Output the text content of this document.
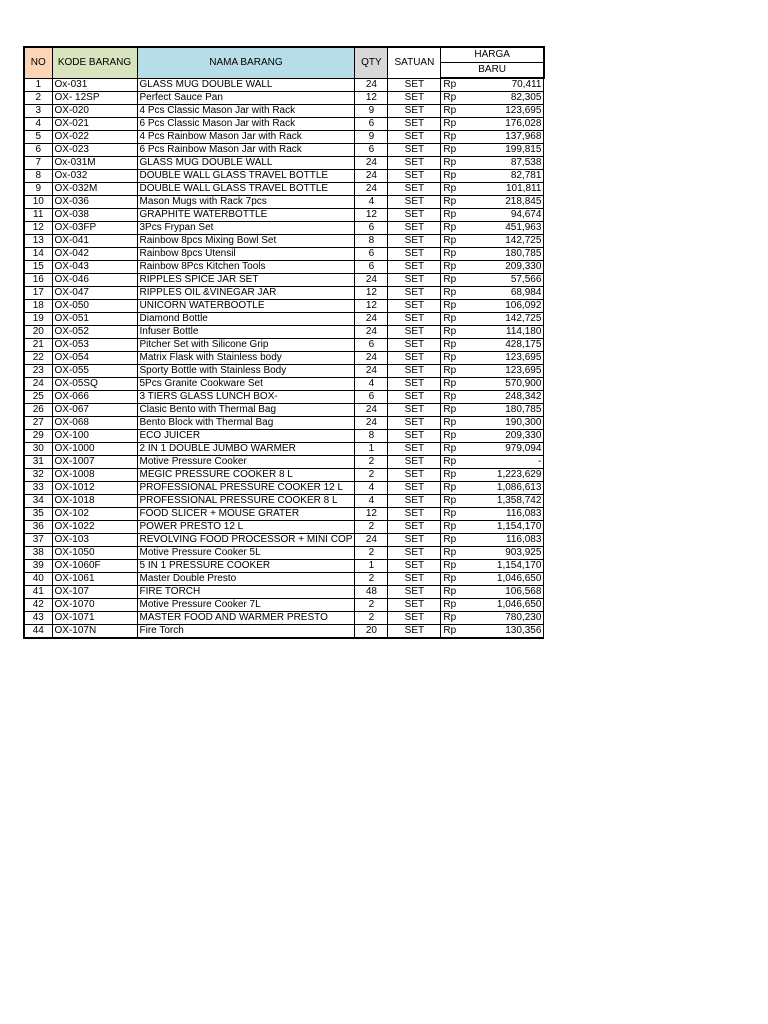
NO	KODE BARANG	NAMA BARANG	QTY	SATUAN	HARGA	
					BARU	
1	Ox-031	GLASS MUG DOUBLE WALL	24	SET	Rp	70,411
2	OX- 12SP	Perfect Sauce Pan	12	SET	Rp	82,305
3	OX-020	4 Pcs Classic Mason Jar with Rack	9	SET	Rp	123,695
4	OX-021	6 Pcs Classic Mason Jar with Rack	6	SET	Rp	176,028
5	OX-022	4 Pcs Rainbow Mason Jar with Rack	9	SET	Rp	137,968
6	OX-023	6 Pcs Rainbow Mason Jar with Rack	6	SET	Rp	199,815
7	Ox-031M	GLASS MUG DOUBLE WALL	24	SET	Rp	87,538
8	Ox-032	DOUBLE WALL GLASS TRAVEL BOTTLE	24	SET	Rp	82,781
9	OX-032M	DOUBLE WALL GLASS TRAVEL BOTTLE	24	SET	Rp	101,811
10	OX-036	Mason Mugs with Rack 7pcs	4	SET	Rp	218,845
11	OX-038	GRAPHITE WATERBOTTLE	12	SET	Rp	94,674
12	OX-03FP	3Pcs Frypan Set	6	SET	Rp	451,963
13	OX-041	Rainbow 8pcs Mixing Bowl Set	8	SET	Rp	142,725
14	OX-042	Rainbow 8pcs Utensil	6	SET	Rp	180,785
15	OX-043	Rainbow 8Pcs Kitchen Tools	6	SET	Rp	209,330
16	OX-046	RIPPLES SPICE JAR SET	24	SET	Rp	57,566
17	OX-047	RIPPLES OIL &VINEGAR JAR	12	SET	Rp	68,984
18	OX-050	UNICORN WATERBOOTLE	12	SET	Rp	106,092
19	OX-051	Diamond Bottle	24	SET	Rp	142,725
20	OX-052	Infuser Bottle	24	SET	Rp	114,180
21	OX-053	Pitcher Set with Silicone Grip	6	SET	Rp	428,175
22	OX-054	Matrix Flask with Stainless body	24	SET	Rp	123,695
23	OX-055	Sporty Bottle with Stainless Body	24	SET	Rp	123,695
24	OX-05SQ	5Pcs Granite Cookware Set	4	SET	Rp	570,900
25	OX-066	3 TIERS GLASS LUNCH BOX-	6	SET	Rp	248,342
26	OX-067	Clasic Bento with Thermal Bag	24	SET	Rp	180,785
27	OX-068	Bento Block with Thermal Bag	24	SET	Rp	190,300
29	OX-100	ECO JUICER	8	SET	Rp	209,330
30	OX-1000	2 IN 1 DOUBLE JUMBO WARMER	1	SET	Rp	979,094
31	OX-1007	Motive Pressure Cooker	2	SET	Rp	-
32	OX-1008	MEGIC PRESSURE COOKER 8 L	2	SET	Rp	1,223,629
33	OX-1012	PROFESSIONAL PRESSURE COOKER 12 L	4	SET	Rp	1,086,613
34	OX-1018	PROFESSIONAL PRESSURE COOKER 8 L	4	SET	Rp	1,358,742
35	OX-102	FOOD SLICER + MOUSE GRATER	12	SET	Rp	116,083
36	OX-1022	POWER PRESTO 12 L	2	SET	Rp	1,154,170
37	OX-103	REVOLVING FOOD PROCESSOR + MINI COP	24	SET	Rp	116,083
38	OX-1050	Motive Pressure Cooker 5L	2	SET	Rp	903,925
39	OX-1060F	5 IN 1 PRESSURE COOKER	1	SET	Rp	1,154,170
40	OX-1061	Master Double Presto	2	SET	Rp	1,046,650
41	OX-107	FIRE TORCH	48	SET	Rp	106,568
42	OX-1070	Motive Pressure Cooker 7L	2	SET	Rp	1,046,650
43	OX-1071	MASTER FOOD AND WARMER PRESTO	2	SET	Rp	780,230
44	OX-107N	Fire Torch	20	SET	Rp	130,356
